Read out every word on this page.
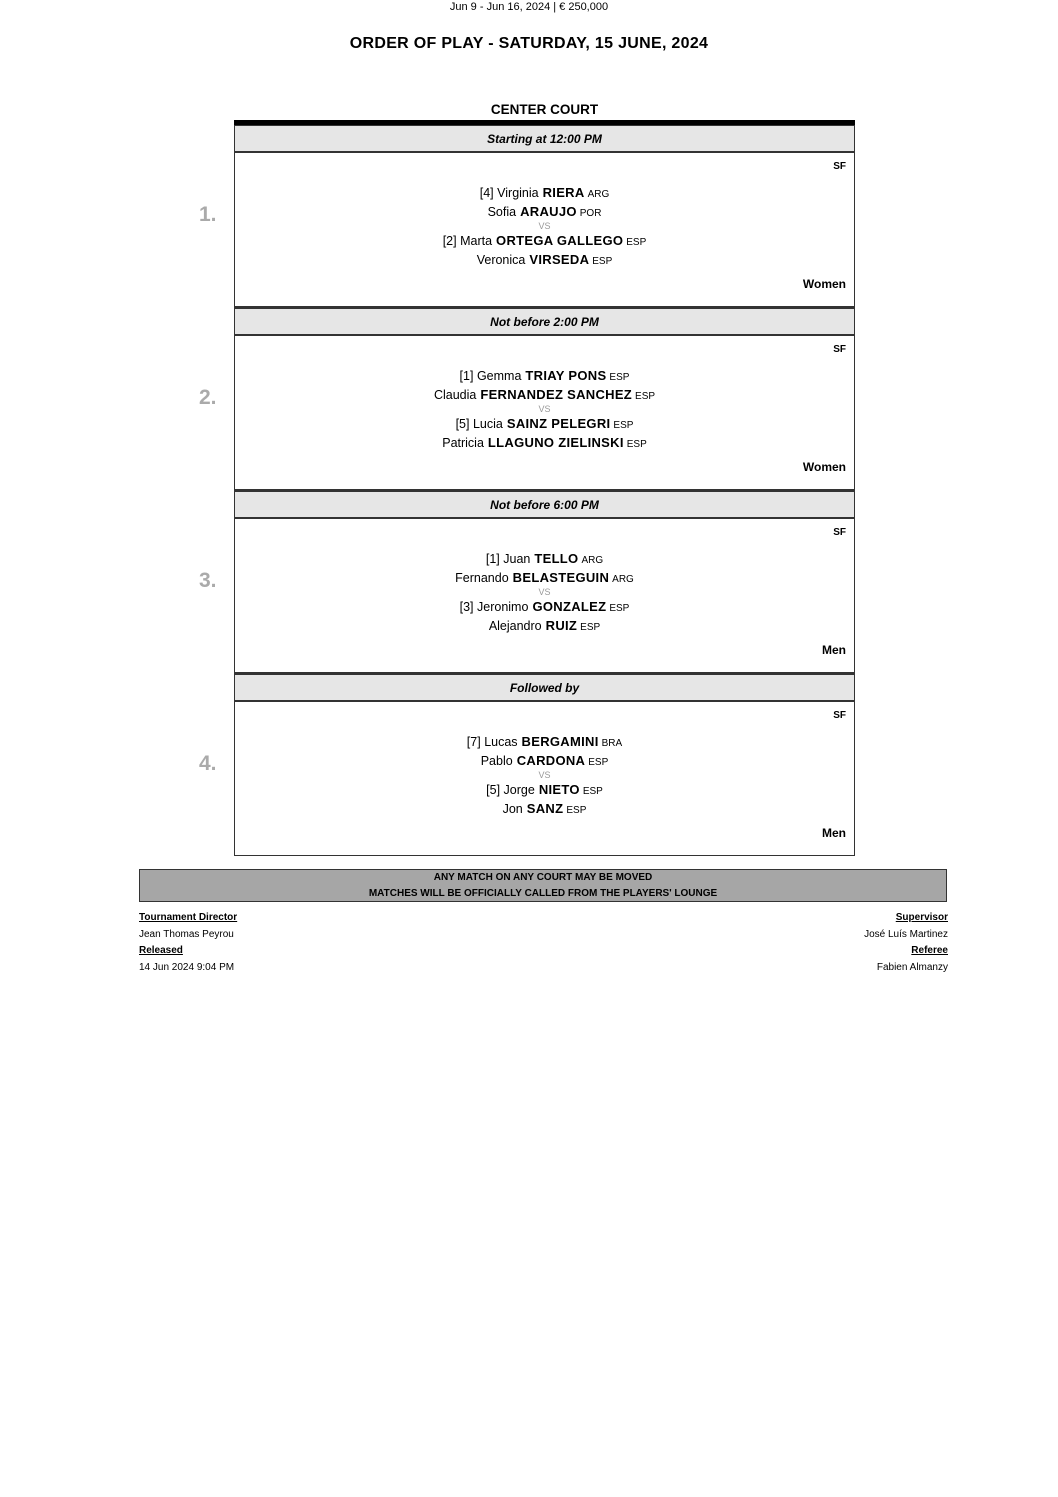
Jun 9 - Jun 16, 2024 | € 250,000
ORDER OF PLAY - SATURDAY, 15 JUNE, 2024
CENTER COURT
Starting at 12:00 PM
1.
SF
VS
Women
[4] Virginia RIERA ARG
Sofia ARAUJO POR
[2] Marta ORTEGA GALLEGO ESP
Veronica VIRSEDA ESP
Not before 2:00 PM
2.
SF
VS
Women
[1] Gemma TRIAY PONS ESP
Claudia FERNANDEZ SANCHEZ ESP
[5] Lucia SAINZ PELEGRI ESP
Patricia LLAGUNO ZIELINSKI ESP
Not before 6:00 PM
3.
SF
VS
Men
[1] Juan TELLO ARG
Fernando BELASTEGUIN ARG
[3] Jeronimo GONZALEZ ESP
Alejandro RUIZ ESP
Followed by
4.
SF
VS
Men
[7] Lucas BERGAMINI BRA
Pablo CARDONA ESP
[5] Jorge NIETO ESP
Jon SANZ ESP
ANY MATCH ON ANY COURT MAY BE MOVED
MATCHES WILL BE OFFICIALLY CALLED FROM THE PLAYERS' LOUNGE
Tournament Director
Jean Thomas Peyrou
Released
14 Jun 2024 9:04 PM
Supervisor
José Luís Martinez
Referee
Fabien Almanzy
